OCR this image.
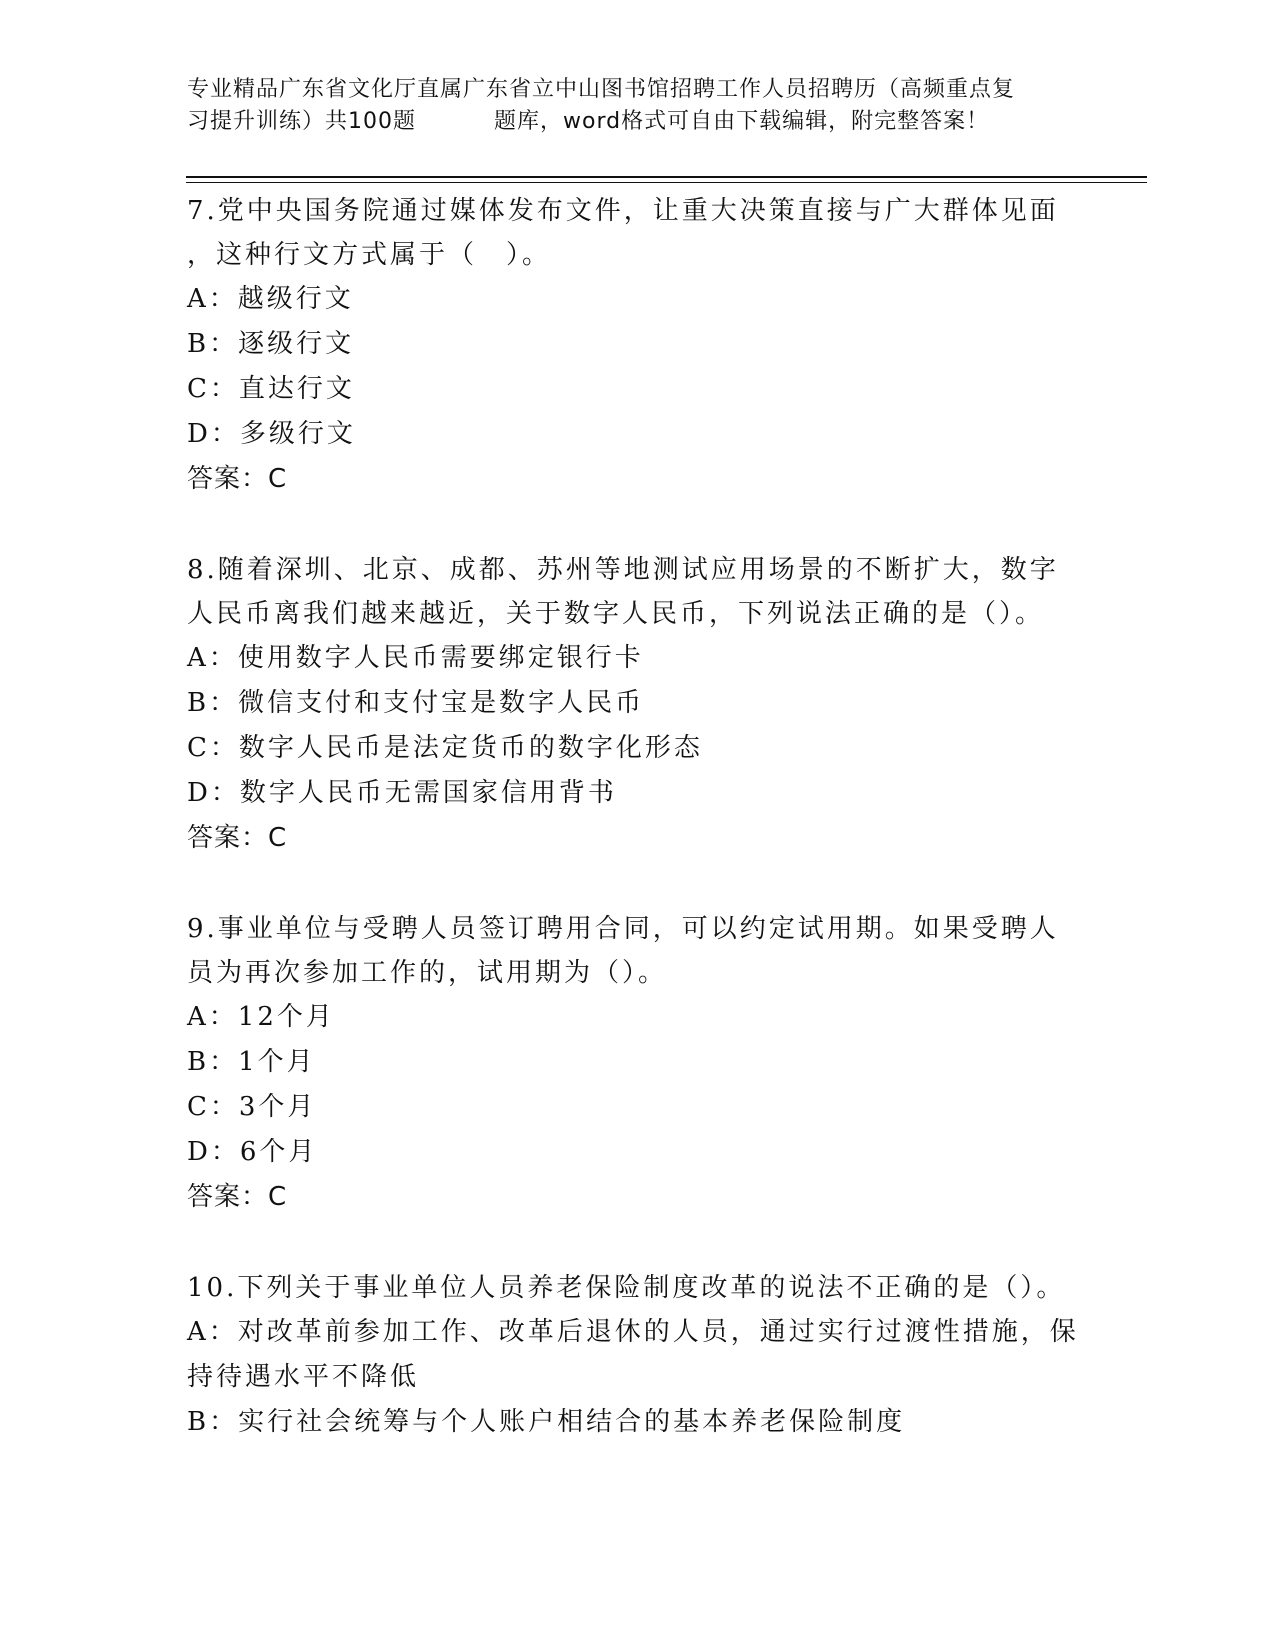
专业精品广东省文化厅直属广东省立中山图书馆招聘工作人员招聘历（高频重点复
习提升训练）共100题	题库，word格式可自由下载编辑，附完整答案！
7.党中央国务院通过媒体发布文件，让重大决策直接与广大群体见面
，这种行文方式属于（　）。
A：越级行文
B：逐级行文
C：直达行文
D：多级行文
答案：C
8.随着深圳、北京、成都、苏州等地测试应用场景的不断扩大，数字
人民币离我们越来越近，关于数字人民币，下列说法正确的是（）。
A：使用数字人民币需要绑定银行卡
B：微信支付和支付宝是数字人民币
C：数字人民币是法定货币的数字化形态
D：数字人民币无需国家信用背书
答案：C
9.事业单位与受聘人员签订聘用合同，可以约定试用期。如果受聘人
员为再次参加工作的，试用期为（）。
A：12个月
B：1个月
C：3个月
D：6个月
答案：C
10.下列关于事业单位人员养老保险制度改革的说法不正确的是（）。
A：对改革前参加工作、改革后退休的人员，通过实行过渡性措施，保持待遇水平不降低
B：实行社会统筹与个人账户相结合的基本养老保险制度
